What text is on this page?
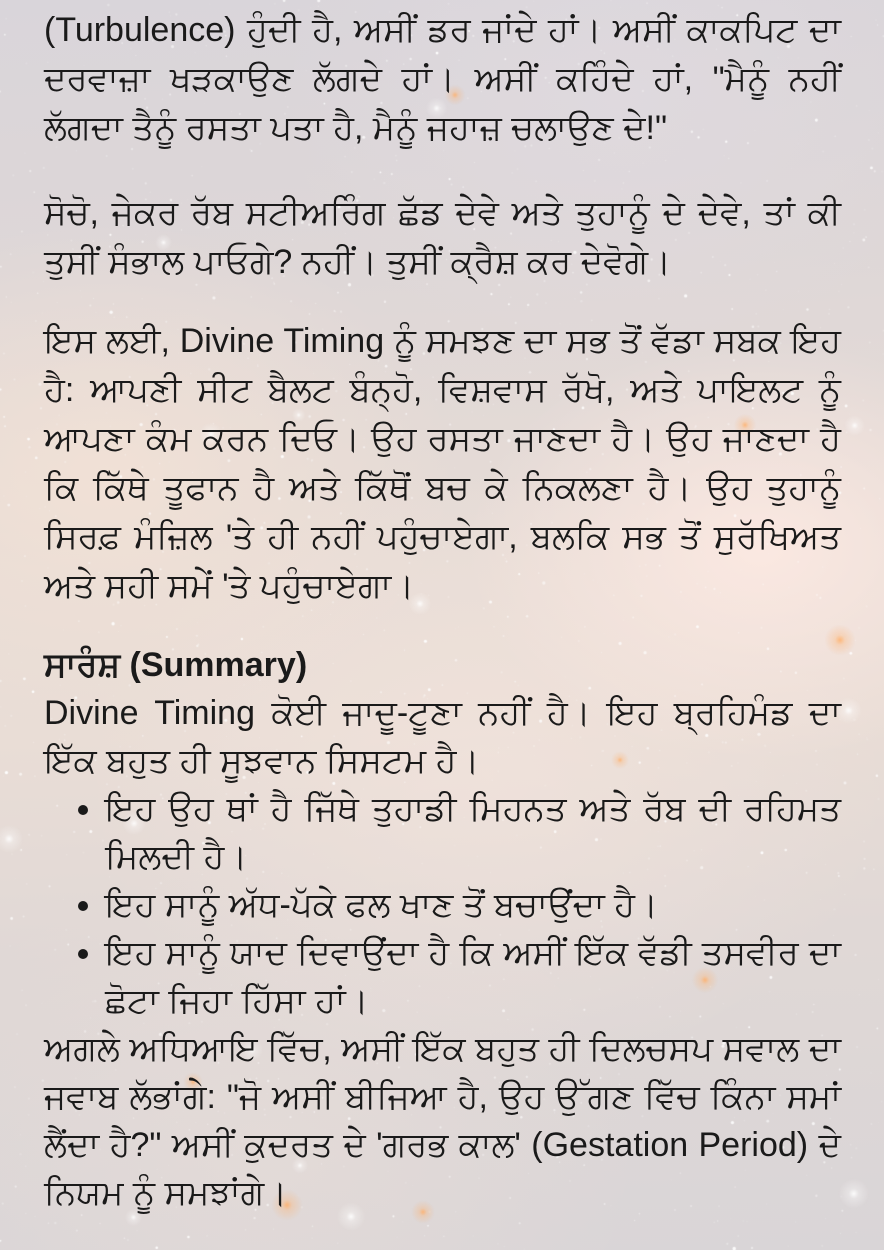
(Turbulence) ਹੁੰਦੀ ਹੈ, ਅਸੀਂ ਡਰ ਜਾਂਦੇ ਹਾਂ। ਅਸੀਂ ਕਾਕਪਿਟ ਦਾ ਦਰਵਾਜ਼ਾ ਖੜਕਾਉਣ ਲੱਗਦੇ ਹਾਂ। ਅਸੀਂ ਕਹਿੰਦੇ ਹਾਂ, "ਮੈਨੂੰ ਨਹੀਂ ਲੱਗਦਾ ਤੈਨੂੰ ਰਸਤਾ ਪਤਾ ਹੈ, ਮੈਨੂੰ ਜਹਾਜ਼ ਚਲਾਉਣ ਦੇ!"

ਸੋਚੋ, ਜੇਕਰ ਰੱਬ ਸਟੀਅਰਿੰਗ ਛੱਡ ਦੇਵੇ ਅਤੇ ਤੁਹਾਨੂੰ ਦੇ ਦੇਵੇ, ਤਾਂ ਕੀ ਤੁਸੀਂ ਸੰਭਾਲ ਪਾਓਗੇ? ਨਹੀਂ। ਤੁਸੀਂ ਕ੍ਰੈਸ਼ ਕਰ ਦੇਵੋਗੇ।

ਇਸ ਲਈ, Divine Timing ਨੂੰ ਸਮਝਣ ਦਾ ਸਭ ਤੋਂ ਵੱਡਾ ਸਬਕ ਇਹ ਹੈ: ਆਪਣੀ ਸੀਟ ਬੈਲਟ ਬੰਨ੍ਹੋ, ਵਿਸ਼ਵਾਸ ਰੱਖੋ, ਅਤੇ ਪਾਇਲਟ ਨੂੰ ਆਪਣਾ ਕੰਮ ਕਰਨ ਦਿਓ। ਉਹ ਰਸਤਾ ਜਾਣਦਾ ਹੈ। ਉਹ ਜਾਣਦਾ ਹੈ ਕਿ ਕਿੱਥੇ ਤੂਫਾਨ ਹੈ ਅਤੇ ਕਿੱਥੋਂ ਬਚ ਕੇ ਨਿਕਲਣਾ ਹੈ। ਉਹ ਤੁਹਾਨੂੰ ਸਿਰਫ਼ ਮੰਜ਼ਿਲ 'ਤੇ ਹੀ ਨਹੀਂ ਪਹੁੰਚਾਏਗਾ, ਬਲਕਿ ਸਭ ਤੋਂ ਸੁਰੱਖਿਅਤ ਅਤੇ ਸਹੀ ਸਮੇਂ 'ਤੇ ਪਹੁੰਚਾਏਗਾ।

ਸਾਰੰਸ਼ (Summary)

Divine Timing ਕੋਈ ਜਾਦੂ-ਟੂਣਾ ਨਹੀਂ ਹੈ। ਇਹ ਬ੍ਰਹਿਮੰਡ ਦਾ ਇੱਕ ਬਹੁਤ ਹੀ ਸੂਝਵਾਨ ਸਿਸਟਮ ਹੈ।

• ਇਹ ਉਹ ਥਾਂ ਹੈ ਜਿੱਥੇ ਤੁਹਾਡੀ ਮਿਹਨਤ ਅਤੇ ਰੱਬ ਦੀ ਰਹਿਮਤ ਮਿਲਦੀ ਹੈ।
• ਇਹ ਸਾਨੂੰ ਅੱਧ-ਪੱਕੇ ਫਲ ਖਾਣ ਤੋਂ ਬਚਾਉਂਦਾ ਹੈ।
• ਇਹ ਸਾਨੂੰ ਯਾਦ ਦਿਵਾਉਂਦਾ ਹੈ ਕਿ ਅਸੀਂ ਇੱਕ ਵੱਡੀ ਤਸਵੀਰ ਦਾ ਛੋਟਾ ਜਿਹਾ ਹਿੱਸਾ ਹਾਂ।

ਅਗਲੇ ਅਧਿਆਇ ਵਿੱਚ, ਅਸੀਂ ਇੱਕ ਬਹੁਤ ਹੀ ਦਿਲਚਸਪ ਸਵਾਲ ਦਾ ਜਵਾਬ ਲੱਭਾਂਗੇ: "ਜੋ ਅਸੀਂ ਬੀਜਿਆ ਹੈ, ਉਹ ਉੱਗਣ ਵਿੱਚ ਕਿੰਨਾ ਸਮਾਂ ਲੈਂਦਾ ਹੈ?" ਅਸੀਂ ਕੁਦਰਤ ਦੇ 'ਗਰਭ ਕਾਲ' (Gestation Period) ਦੇ ਨਿਯਮ ਨੂੰ ਸਮਝਾਂਗੇ।
